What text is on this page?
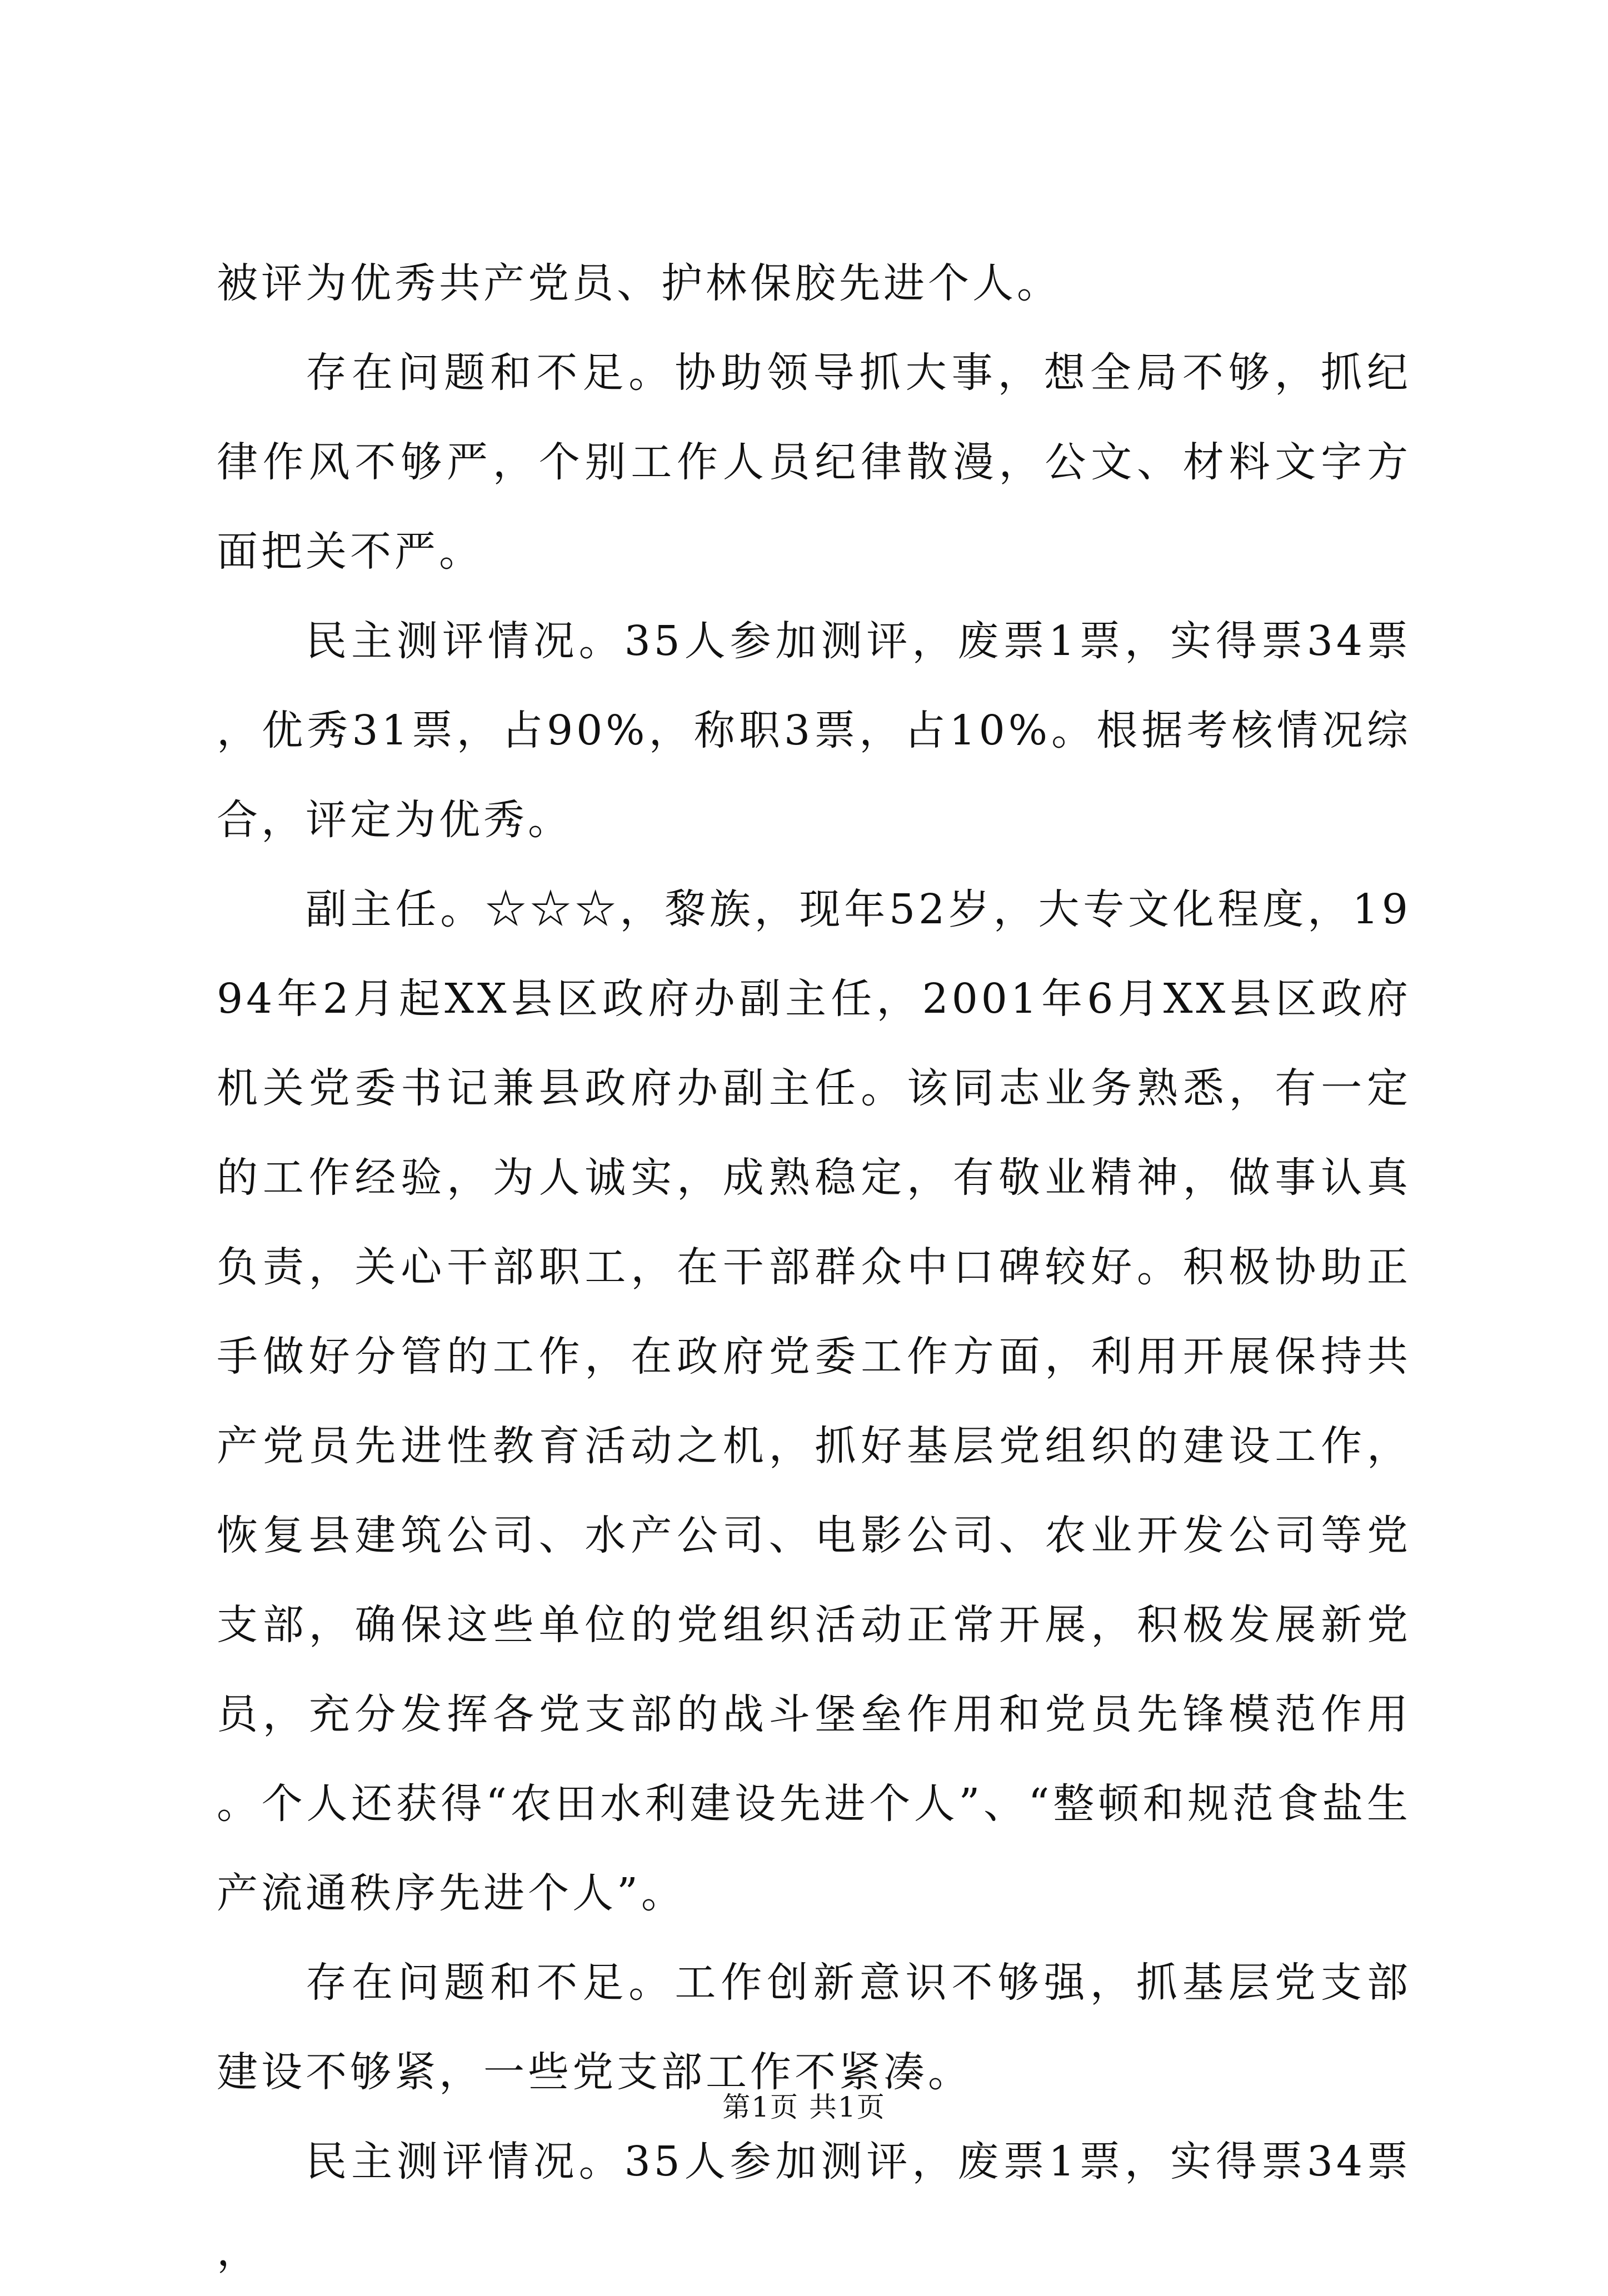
被评为优秀共产党员、护林保胶先进个人。

存在问题和不足。协助领导抓大事，想全局不够，抓纪律作风不够严，个别工作人员纪律散漫，公文、材料文字方面把关不严。

民主测评情况。35人参加测评，废票1票，实得票34票，优秀31票，占90%，称职3票，占10%。根据考核情况综合，评定为优秀。

副主任。☆☆☆，黎族，现年52岁，大专文化程度，1994年2月起XX县区政府办副主任，2001年6月XX县区政府机关党委书记兼县政府办副主任。该同志业务熟悉，有一定的工作经验，为人诚实，成熟稳定，有敬业精神，做事认真负责，关心干部职工，在干部群众中口碑较好。积极协助正手做好分管的工作，在政府党委工作方面，利用开展保持共产党员先进性教育活动之机，抓好基层党组织的建设工作，恢复县建筑公司、水产公司、电影公司、农业开发公司等党支部，确保这些单位的党组织活动正常开展，积极发展新党员，充分发挥各党支部的战斗堡垒作用和党员先锋模范作用。个人还获得“农田水利建设先进个人”、“整顿和规范食盐生产流通秩序先进个人”。

存在问题和不足。工作创新意识不够强，抓基层党支部建设不够紧，一些党支部工作不紧凑。

民主测评情况。35人参加测评，废票1票，实得票34票，

第1页 共1页
